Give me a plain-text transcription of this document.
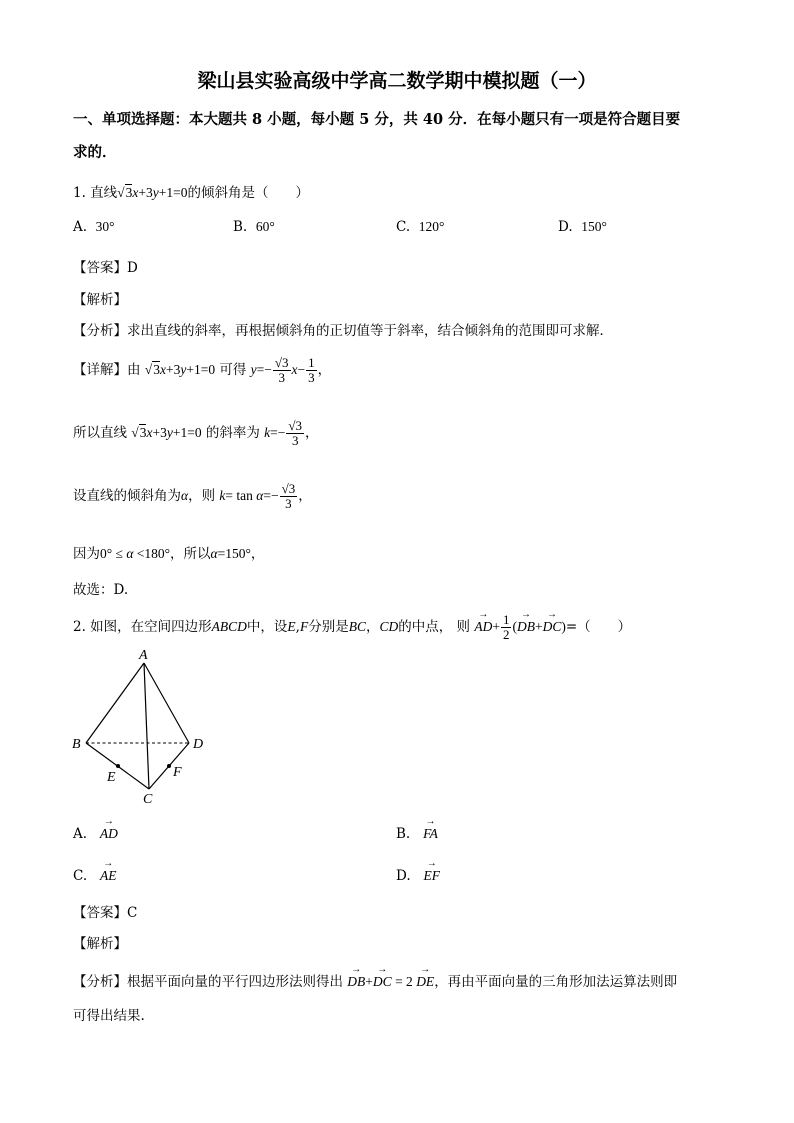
梁山县实验高级中学高二数学期中模拟题（一）
一、单项选择题：本大题共 8 小题，每小题 5 分，共 40 分．在每小题只有一项是符合题目要
求的．
1. 直线√3x+3y+1=0的倾斜角是（　　）
A. 30°	B. 60°	C. 120°	D. 150°
【答案】D
【解析】
【分析】求出直线的斜率，再根据倾斜角的正切值等于斜率，结合倾斜角的范围即可求解．
【详解】由 √3x+3y+1=0 可得 $y=- \frac{√3}{3} x- \frac{1}{3}$ ，
所以直线 √3x+3y+1=0 的斜率为 $k=- \frac{√3}{3}$ ，
设直线的倾斜角为α，则 $k= \tan \alpha=- \frac{√3}{3}$ ，
因为0° ≤ α <180°，所以α=150°，
故选：D.
2. 如图，在空间四边形ABCD中，设E,F分别是BC，CD的中点， 则 → $AD+ \frac{1}{2}$ (→ DB+→ DC)=（　　）
A
B	D
E	F
C
A. → AD	B. → FA
C. → AE	D. → EF
【答案】C
【解析】
【分析】根据平面向量的平行四边形法则得出 → DB+→ DC = 2 → DE，再由平面向量的三角形加法运算法则即
可得出结果.
